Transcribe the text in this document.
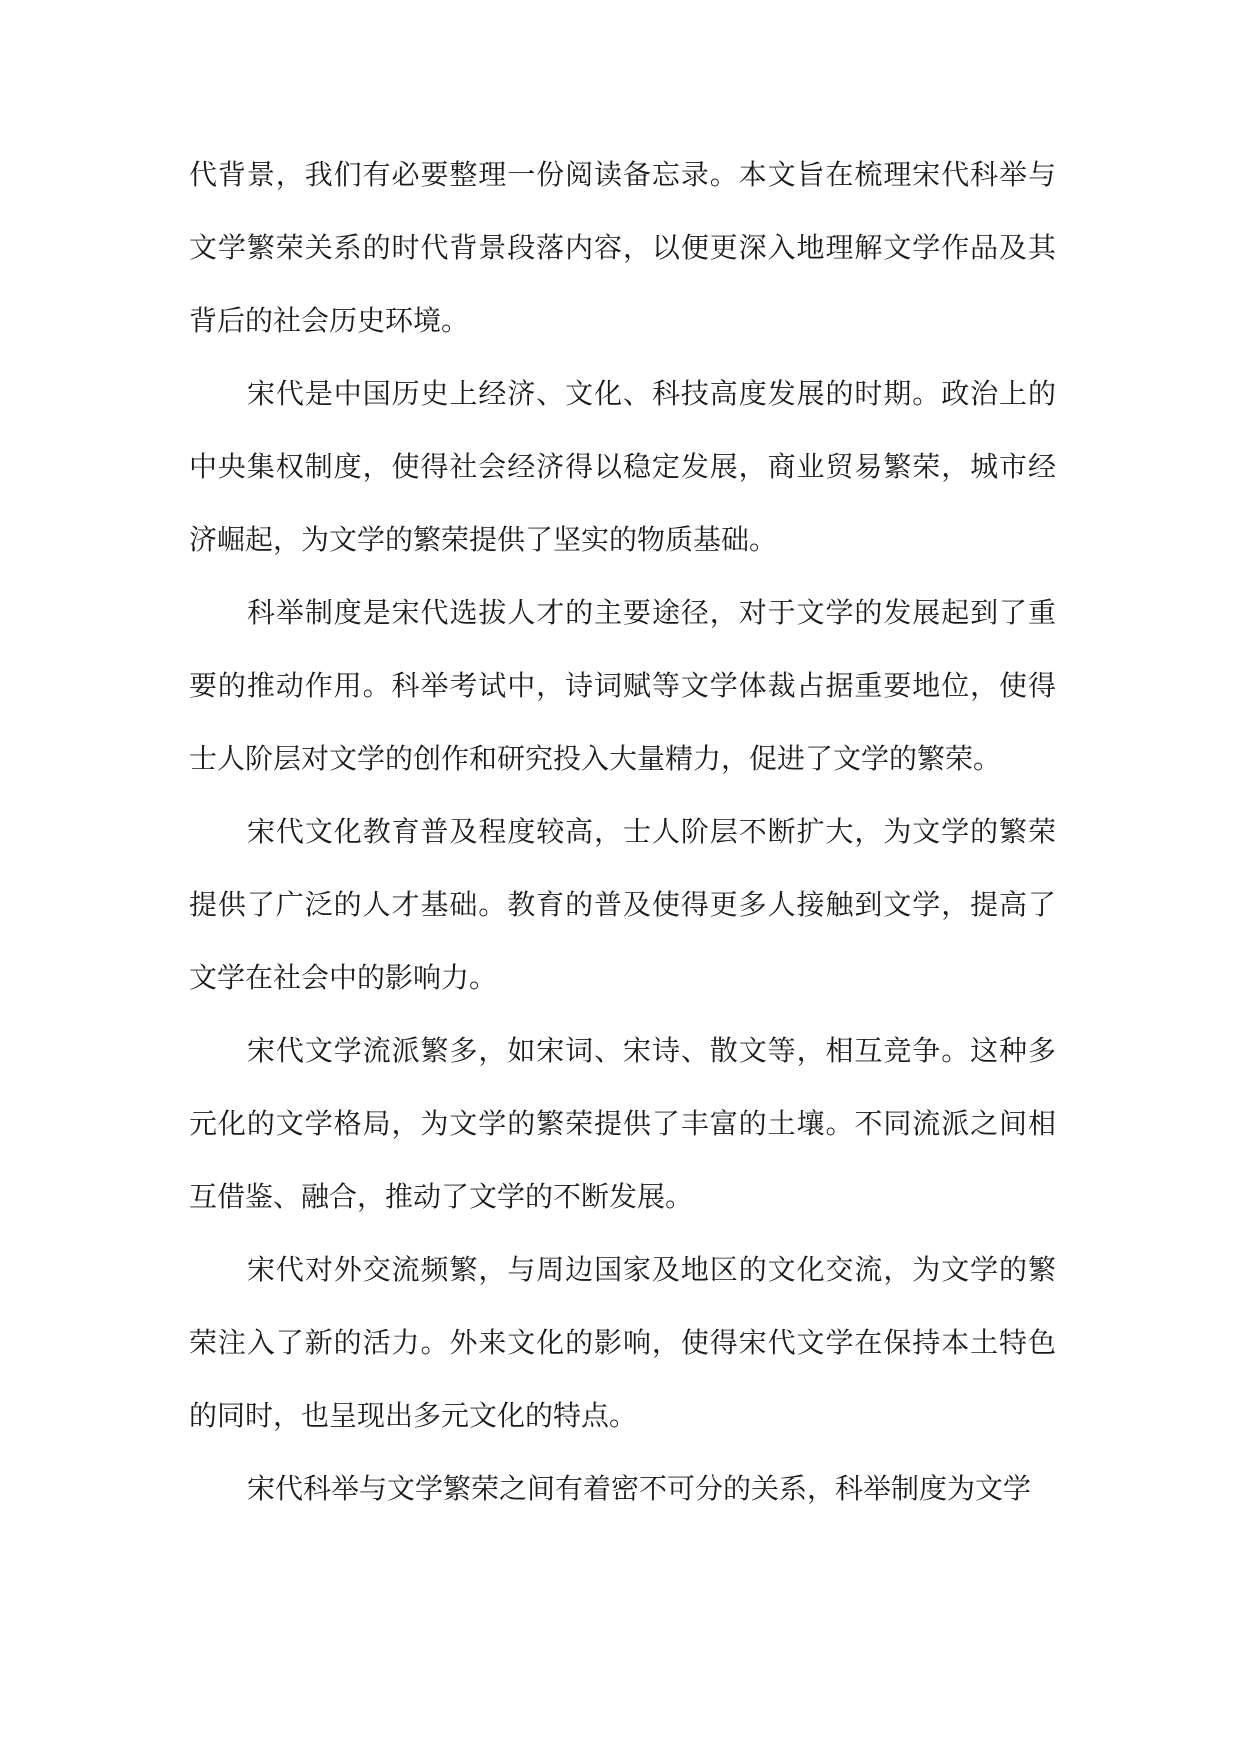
代背景，我们有必要整理一份阅读备忘录。本文旨在梳理宋代科举与文学繁荣关系的时代背景段落内容，以便更深入地理解文学作品及其背后的社会历史环境。

宋代是中国历史上经济、文化、科技高度发展的时期。政治上的中央集权制度，使得社会经济得以稳定发展，商业贸易繁荣，城市经济崛起，为文学的繁荣提供了坚实的物质基础。

科举制度是宋代选拔人才的主要途径，对于文学的发展起到了重要的推动作用。科举考试中，诗词赋等文学体裁占据重要地位，使得士人阶层对文学的创作和研究投入大量精力，促进了文学的繁荣。

宋代文化教育普及程度较高，士人阶层不断扩大，为文学的繁荣提供了广泛的人才基础。教育的普及使得更多人接触到文学，提高了文学在社会中的影响力。

宋代文学流派繁多，如宋词、宋诗、散文等，相互竞争。这种多元化的文学格局，为文学的繁荣提供了丰富的土壤。不同流派之间相互借鉴、融合，推动了文学的不断发展。

宋代对外交流频繁，与周边国家及地区的文化交流，为文学的繁荣注入了新的活力。外来文化的影响，使得宋代文学在保持本土特色的同时，也呈现出多元文化的特点。

宋代科举与文学繁荣之间有着密不可分的关系，科举制度为文学
